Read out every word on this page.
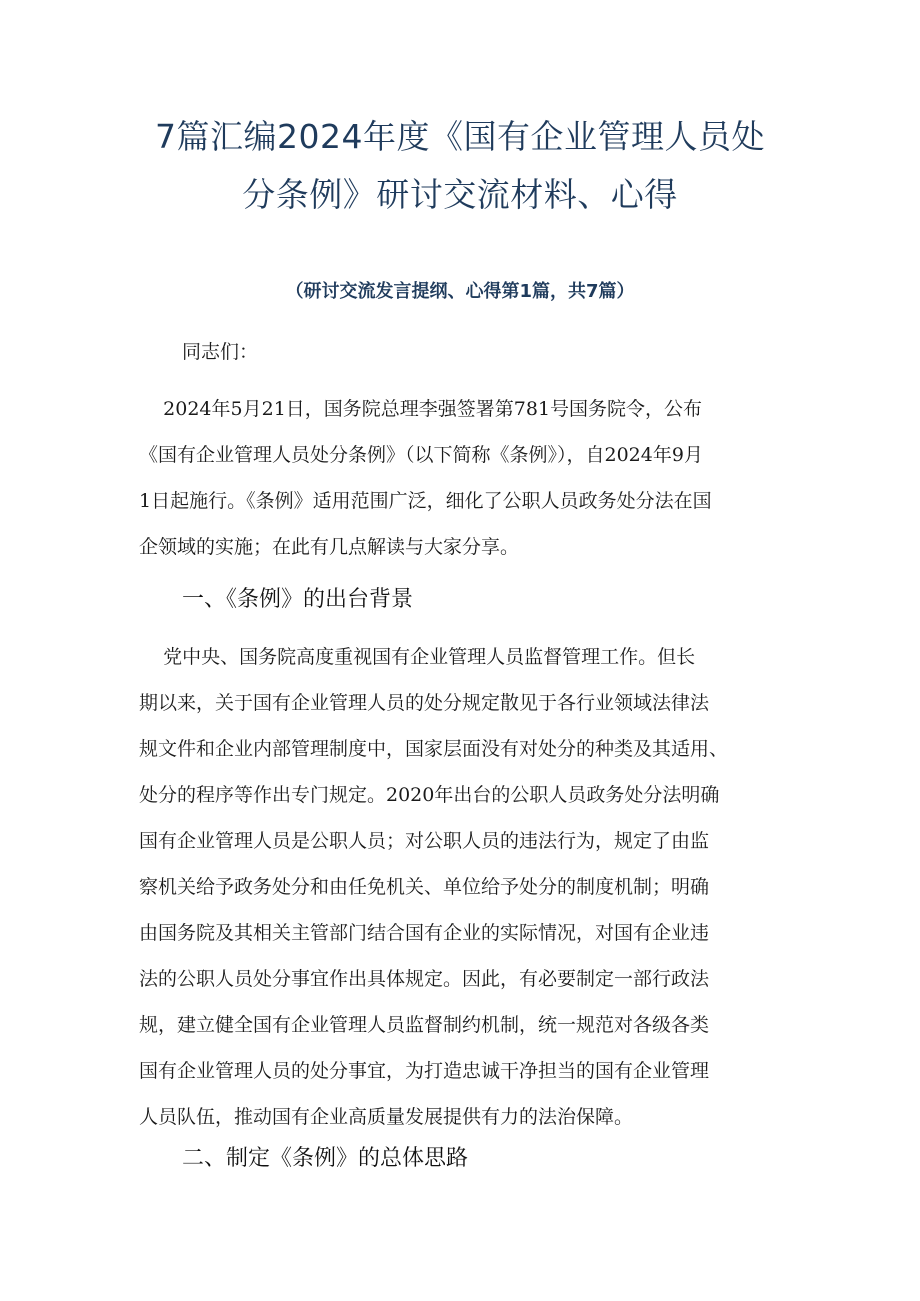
7篇汇编2024年度《国有企业管理人员处
分条例》研讨交流材料、心得
（研讨交流发言提纲、心得第1篇，共7篇）
同志们：
2024年5月21日，国务院总理李强签署第781号国务院令，公布
《国有企业管理人员处分条例》（以下简称《条例》），自2024年9月
1日起施行。《条例》适用范围广泛，细化了公职人员政务处分法在国
企领域的实施；在此有几点解读与大家分享。
一、《条例》的出台背景
党中央、国务院高度重视国有企业管理人员监督管理工作。但长
期以来，关于国有企业管理人员的处分规定散见于各行业领域法律法
规文件和企业内部管理制度中，国家层面没有对处分的种类及其适用、
处分的程序等作出专门规定。2020年出台的公职人员政务处分法明确
国有企业管理人员是公职人员；对公职人员的违法行为，规定了由监
察机关给予政务处分和由任免机关、单位给予处分的制度机制；明确
由国务院及其相关主管部门结合国有企业的实际情况，对国有企业违
法的公职人员处分事宜作出具体规定。因此，有必要制定一部行政法
规，建立健全国有企业管理人员监督制约机制，统一规范对各级各类
国有企业管理人员的处分事宜，为打造忠诚干净担当的国有企业管理
人员队伍，推动国有企业高质量发展提供有力的法治保障。
二、制定《条例》的总体思路
